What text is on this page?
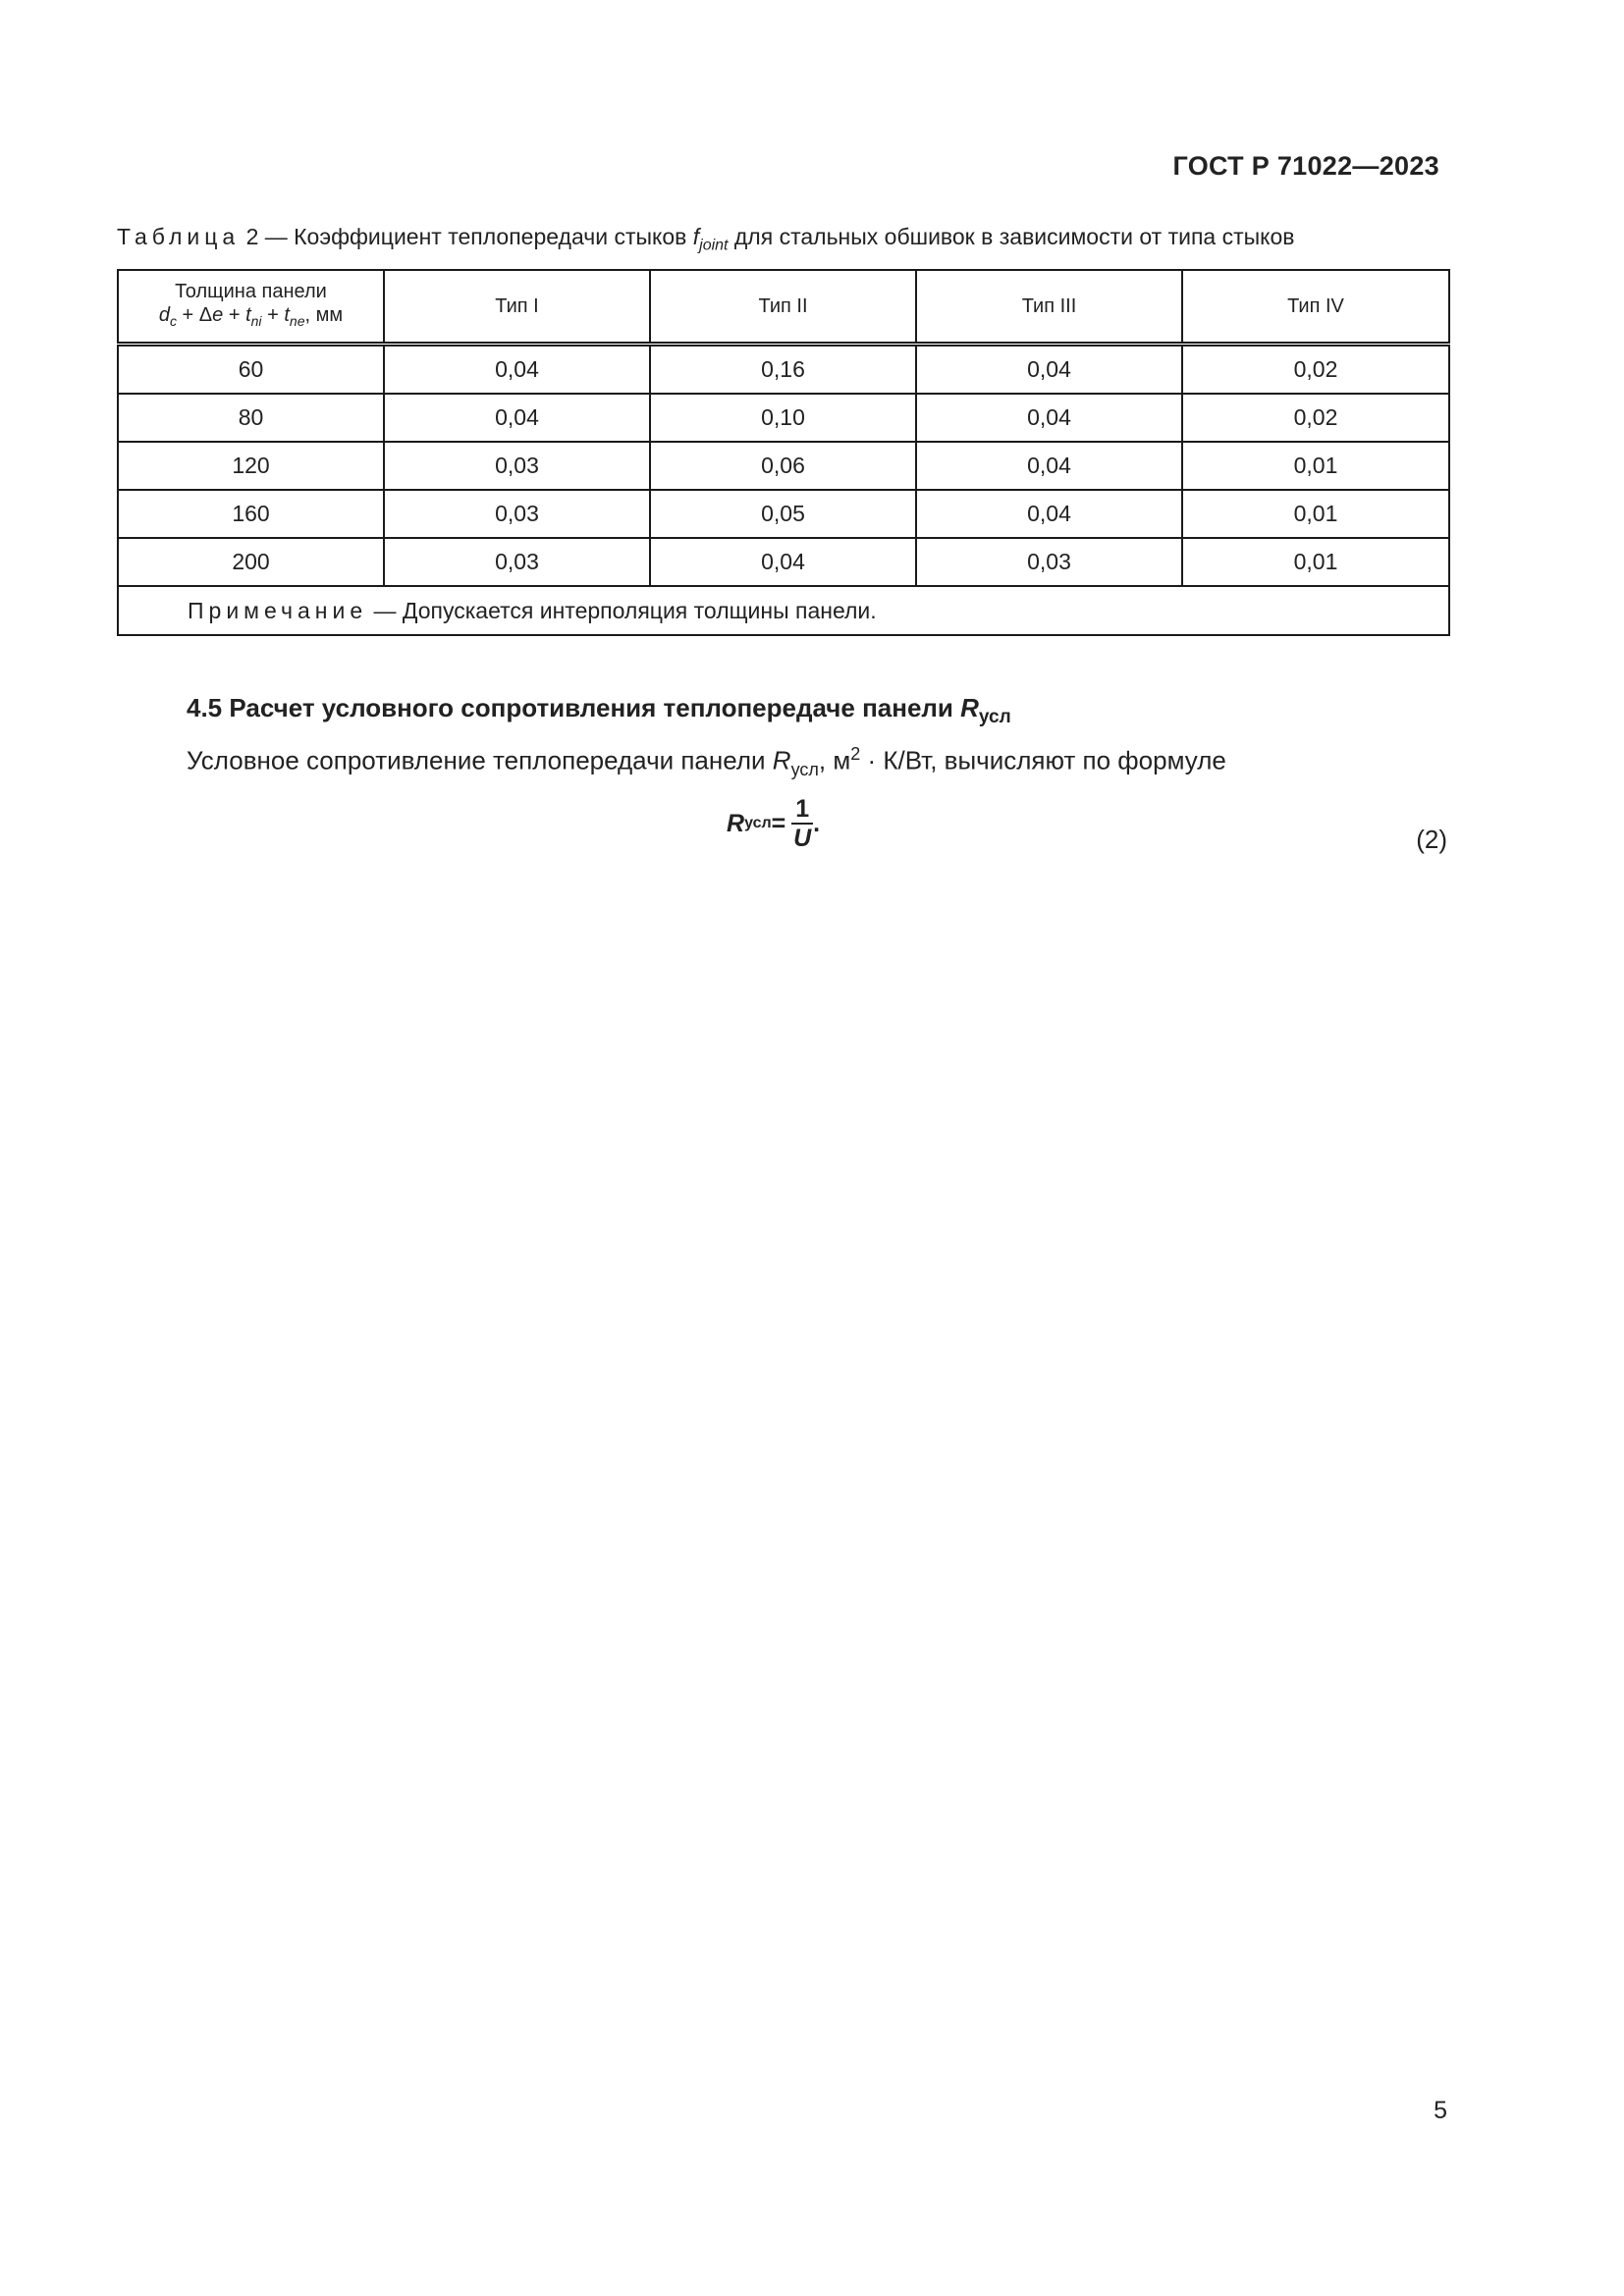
ГОСТ Р 71022—2023
Таблица 2 — Коэффициент теплопередачи стыков $f_{joint}$ для стальных обшивок в зависимости от типа стыков
Толщина панели
$d_c + \Delta e + t_{ni} + t_{ne}$, мм	Тип I	Тип II	Тип III	Тип IV
60	0,04	0,16	0,04	0,02
80	0,04	0,10	0,04	0,02
120	0,03	0,06	0,04	0,01
160	0,03	0,05	0,04	0,01
200	0,03	0,04	0,03	0,01
Примечание — Допускается интерполяция толщины панели.				
4.5 Расчет условного сопротивления теплопередаче панели $R_{усл}$
Условное сопротивление теплопередачи панели $R_{усл}$, $м^2 \cdot К/Вт$, вычисляют по формуле
R усл = $\frac{1}{U}$ .
(2)
5
